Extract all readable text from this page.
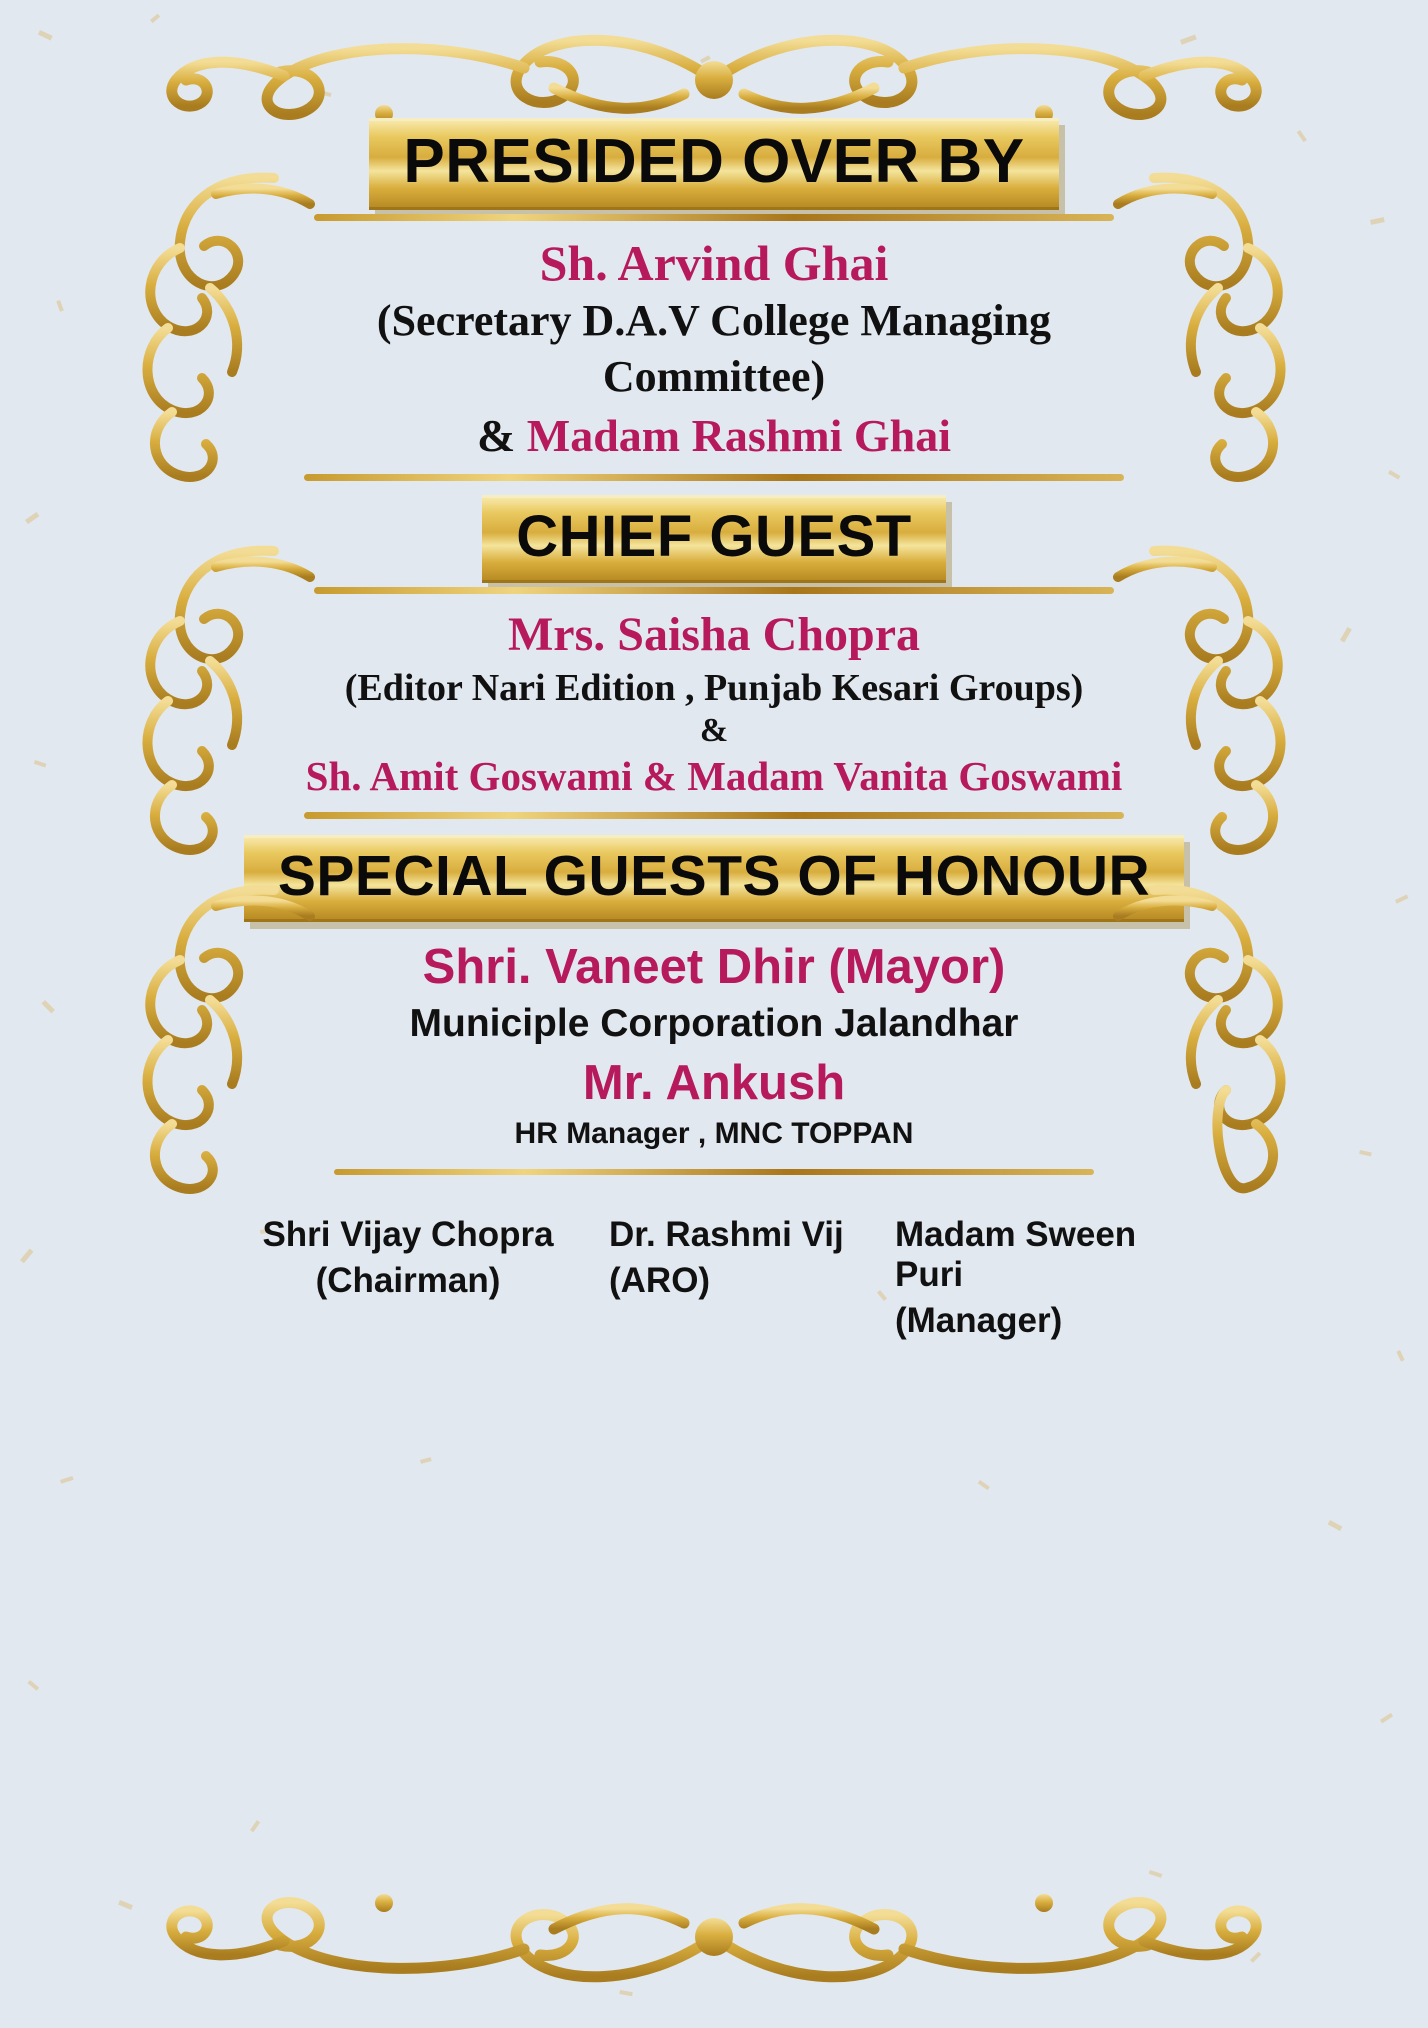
PRESIDED OVER BY
Sh. Arvind Ghai
(Secretary D.A.V College Managing
Committee)
& Madam Rashmi Ghai
CHIEF GUEST
Mrs. Saisha Chopra
(Editor Nari Edition , Punjab Kesari Groups)
&
Sh. Amit Goswami & Madam Vanita Goswami
SPECIAL GUESTS OF HONOUR
Shri. Vaneet Dhir (Mayor)
Municiple Corporation Jalandhar
Mr. Ankush
HR Manager , MNC TOPPAN
Shri Vijay Chopra
(Chairman)
Dr. Rashmi Vij
(ARO)
Madam Sween Puri
(Manager)
